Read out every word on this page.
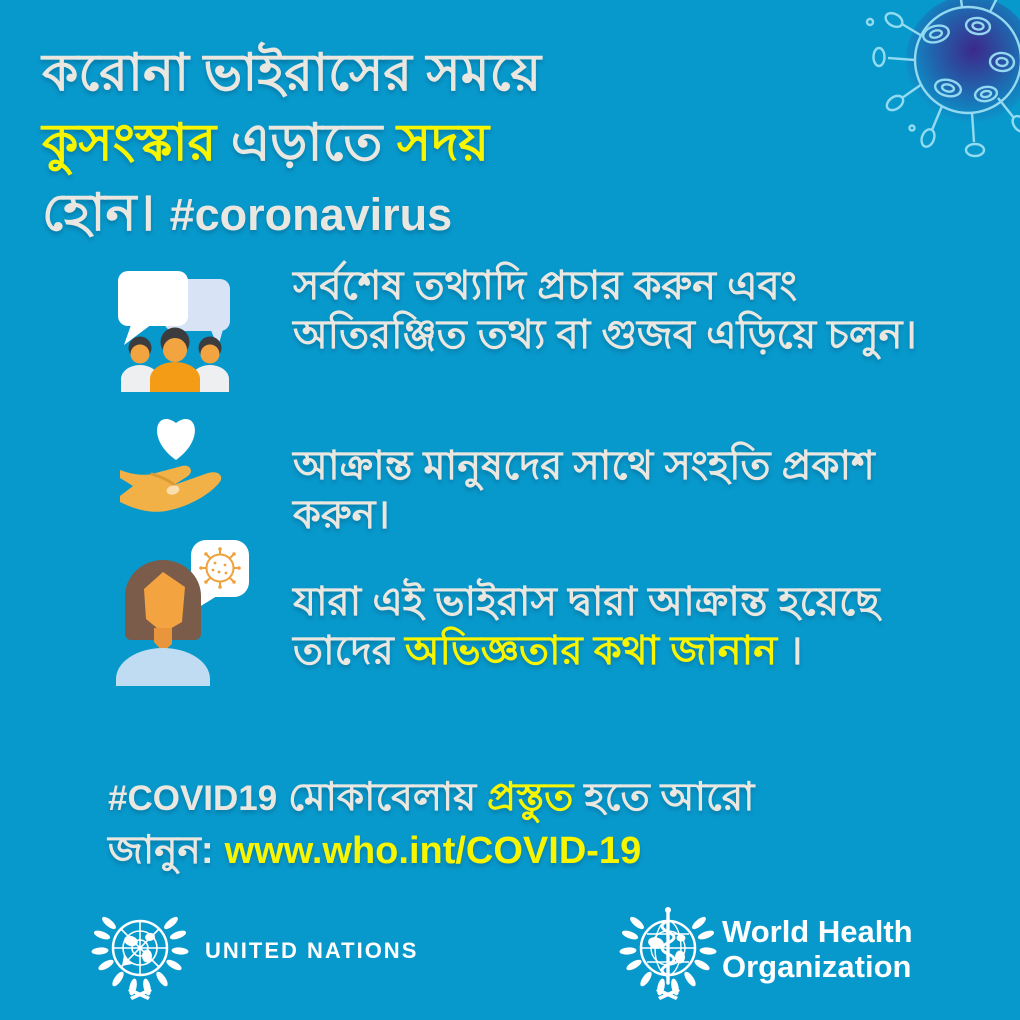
করোনা ভাইরাসের সময়ে
কুসংস্কার এড়াতে সদয়
হোন। #coronavirus
সর্বশেষ তথ্যাদি প্রচার করুন এবং অতিরঞ্জিত তথ্য বা গুজব এড়িয়ে চলুন।
আক্রান্ত মানুষদের সাথে সংহতি প্রকাশ করুন।
যারা এই ভাইরাস দ্বারা আক্রান্ত হয়েছে তাদের অভিজ্ঞতার কথা জানান ।
#COVID19 মোকাবেলায় প্রস্তুত হতে আরো
জানুন: www.who.int/COVID-19
UNITED NATIONS
World Health
Organization
